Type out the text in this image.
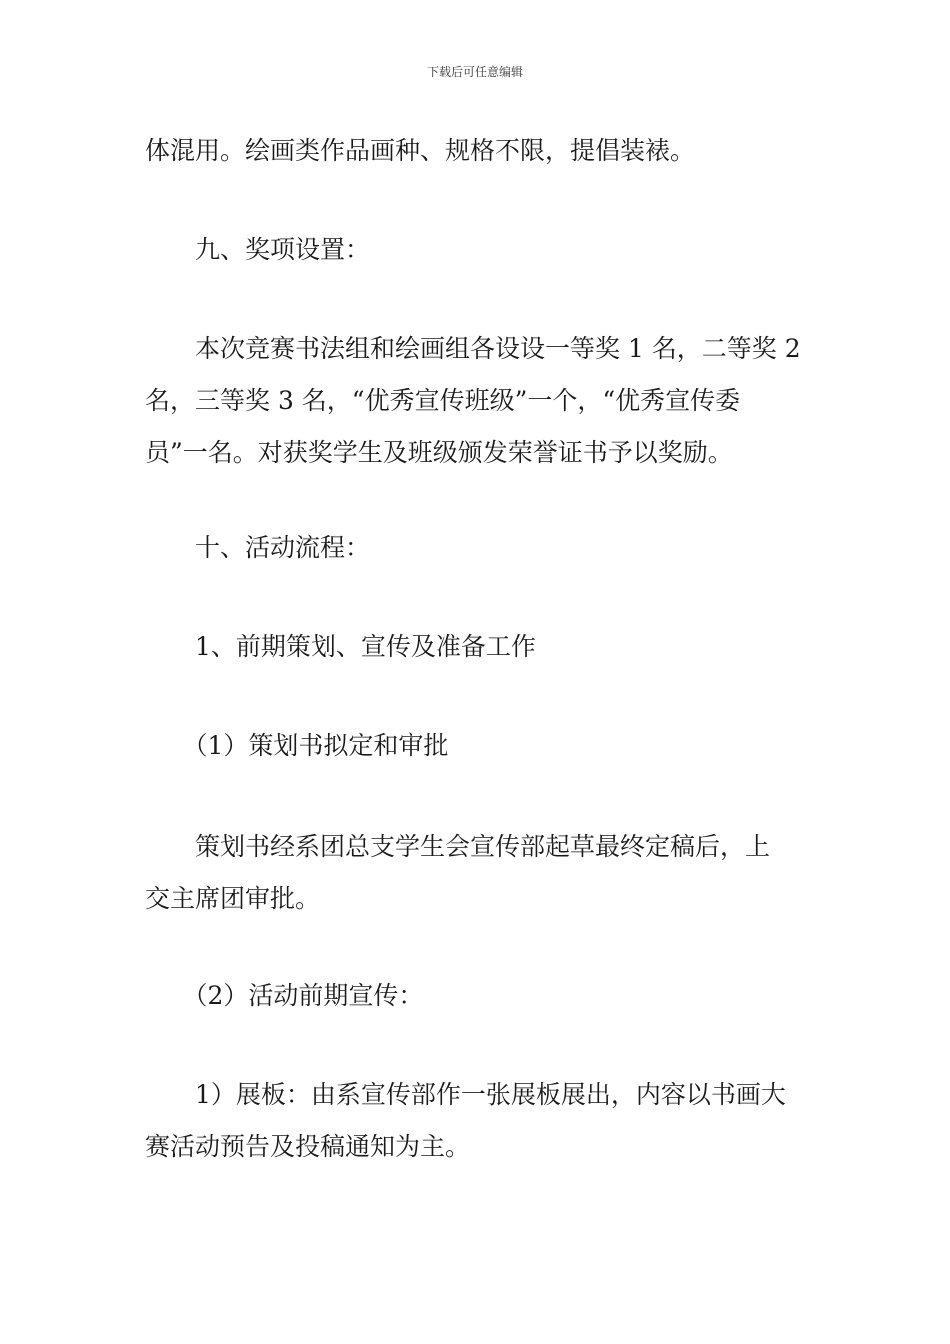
下载后可任意编辑
体混用。绘画类作品画种、规格不限，提倡装裱。
　　九、奖项设置：
　　本次竞赛书法组和绘画组各设设一等奖 1 名，二等奖 2
名，三等奖 3 名，“优秀宣传班级”一个，“优秀宣传委
员”一名。对获奖学生及班级颁发荣誉证书予以奖励。
　　十、活动流程：
　　1、前期策划、宣传及准备工作
　　（1）策划书拟定和审批
　　策划书经系团总支学生会宣传部起草最终定稿后，上
交主席团审批。
　　（2）活动前期宣传：
　　1）展板：由系宣传部作一张展板展出，内容以书画大
赛活动预告及投稿通知为主。
